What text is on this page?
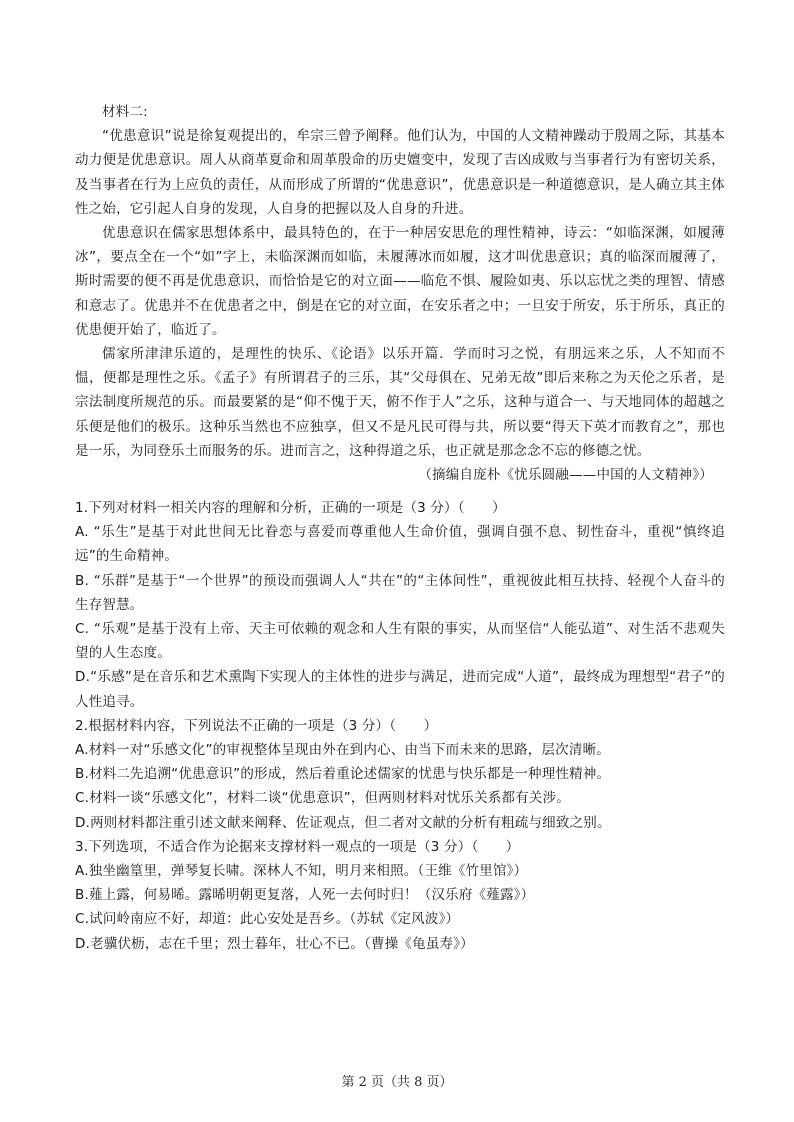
材料二:

“优患意识”说是徐复观提出的，牟宗三曾予阐释。他们认为，中国的人文精神躁动于殷周之际，其基本动力便是优患意识。周人从商革夏命和周革殷命的历史嬗变中，发现了吉凶成败与当事者行为有密切关系，及当事者在行为上应负的责任，从而形成了所谓的“优患意识”，优患意识是一种道德意识，是人确立其主体性之始，它引起人自身的发现，人自身的把握以及人自身的升进。

优患意识在儒家思想体系中，最具特色的，在于一种居安思危的理性精神，诗云：“如临深渊，如履薄冰”，要点全在一个“如”字上，未临深渊而如临，未履薄冰而如履，这才叫优患意识；真的临深而履薄了，斯时需要的便不再是优患意识，而恰恰是它的对立面——临危不惧、履险如夷、乐以忘忧之类的理智、情感和意志了。优患并不在优患者之中，倒是在它的对立面，在安乐者之中；一旦安于所安，乐于所乐，真正的优患便开始了，临近了。

儒家所津津乐道的，是理性的快乐、《论语》以乐开篇．学而时习之悦，有朋远来之乐，人不知而不愠，便都是理性之乐。《孟子》有所谓君子的三乐，其“父母俱在、兄弟无故”即后来称之为天伦之乐者，是宗法制度所规范的乐。而最要紧的是“仰不愧于天，俯不作于人”之乐，这种与道合一、与天地同体的超越之乐便是他们的极乐。这种乐当然也不应独享，但又不是凡民可得与共，所以要“得天下英才而教育之”，那也是一乐，为同登乐土而服务的乐。进而言之，这种得道之乐，也正就是那念念不忘的修德之忧。

（摘编自庞朴《忧乐圆融——中国的人文精神》）

1.下列对材料一相关内容的理解和分析，正确的一项是（3 分）（　　）
A. “乐生”是基于对此世间无比眷恋与喜爱而尊重他人生命价值，强调自强不息、韧性奋斗，重视“慎终追远”的生命精神。
B. “乐群”是基于“一个世界”的预设而强调人人“共在”的“主体间性”，重视彼此相互扶持、轻视个人奋斗的生存智慧。
C. “乐观”是基于没有上帝、天主可依赖的观念和人生有限的事实，从而坚信“人能弘道”、对生活不悲观失望的人生态度。
D.“乐感”是在音乐和艺术熏陶下实现人的主体性的进步与满足，进而完成“人道”，最终成为理想型“君子”的人性追寻。
2.根据材料内容，下列说法不正确的一项是（3 分）（　　）
A.材料一对“乐感文化”的审视整体呈现由外在到内心、由当下而未来的思路，层次清晰。
B.材料二先追溯“优患意识”的形成，然后着重论述儒家的忧患与快乐都是一种理性精神。
C.材料一谈“乐感文化”，材料二谈“优患意识”，但两则材料对忧乐关系都有关涉。
D.两则材料都注重引述文献来阐释、佐证观点，但二者对文献的分析有粗疏与细致之别。
3.下列选项，不适合作为论据来支撑材料一观点的一项是（3 分）（　　）
A.独坐幽篁里，弹琴复长啸。深林人不知，明月来相照。（王维《竹里馆》）
B.薤上露，何易晞。露晞明朝更复落，人死一去何时归！（汉乐府《薤露》）
C.试问岭南应不好，却道：此心安处是吾乡。（苏轼《定风波》）
D.老骥伏枥，志在千里；烈士暮年，壮心不已。（曹操《龟虽寿》）
第 2 页（共 8 页）
